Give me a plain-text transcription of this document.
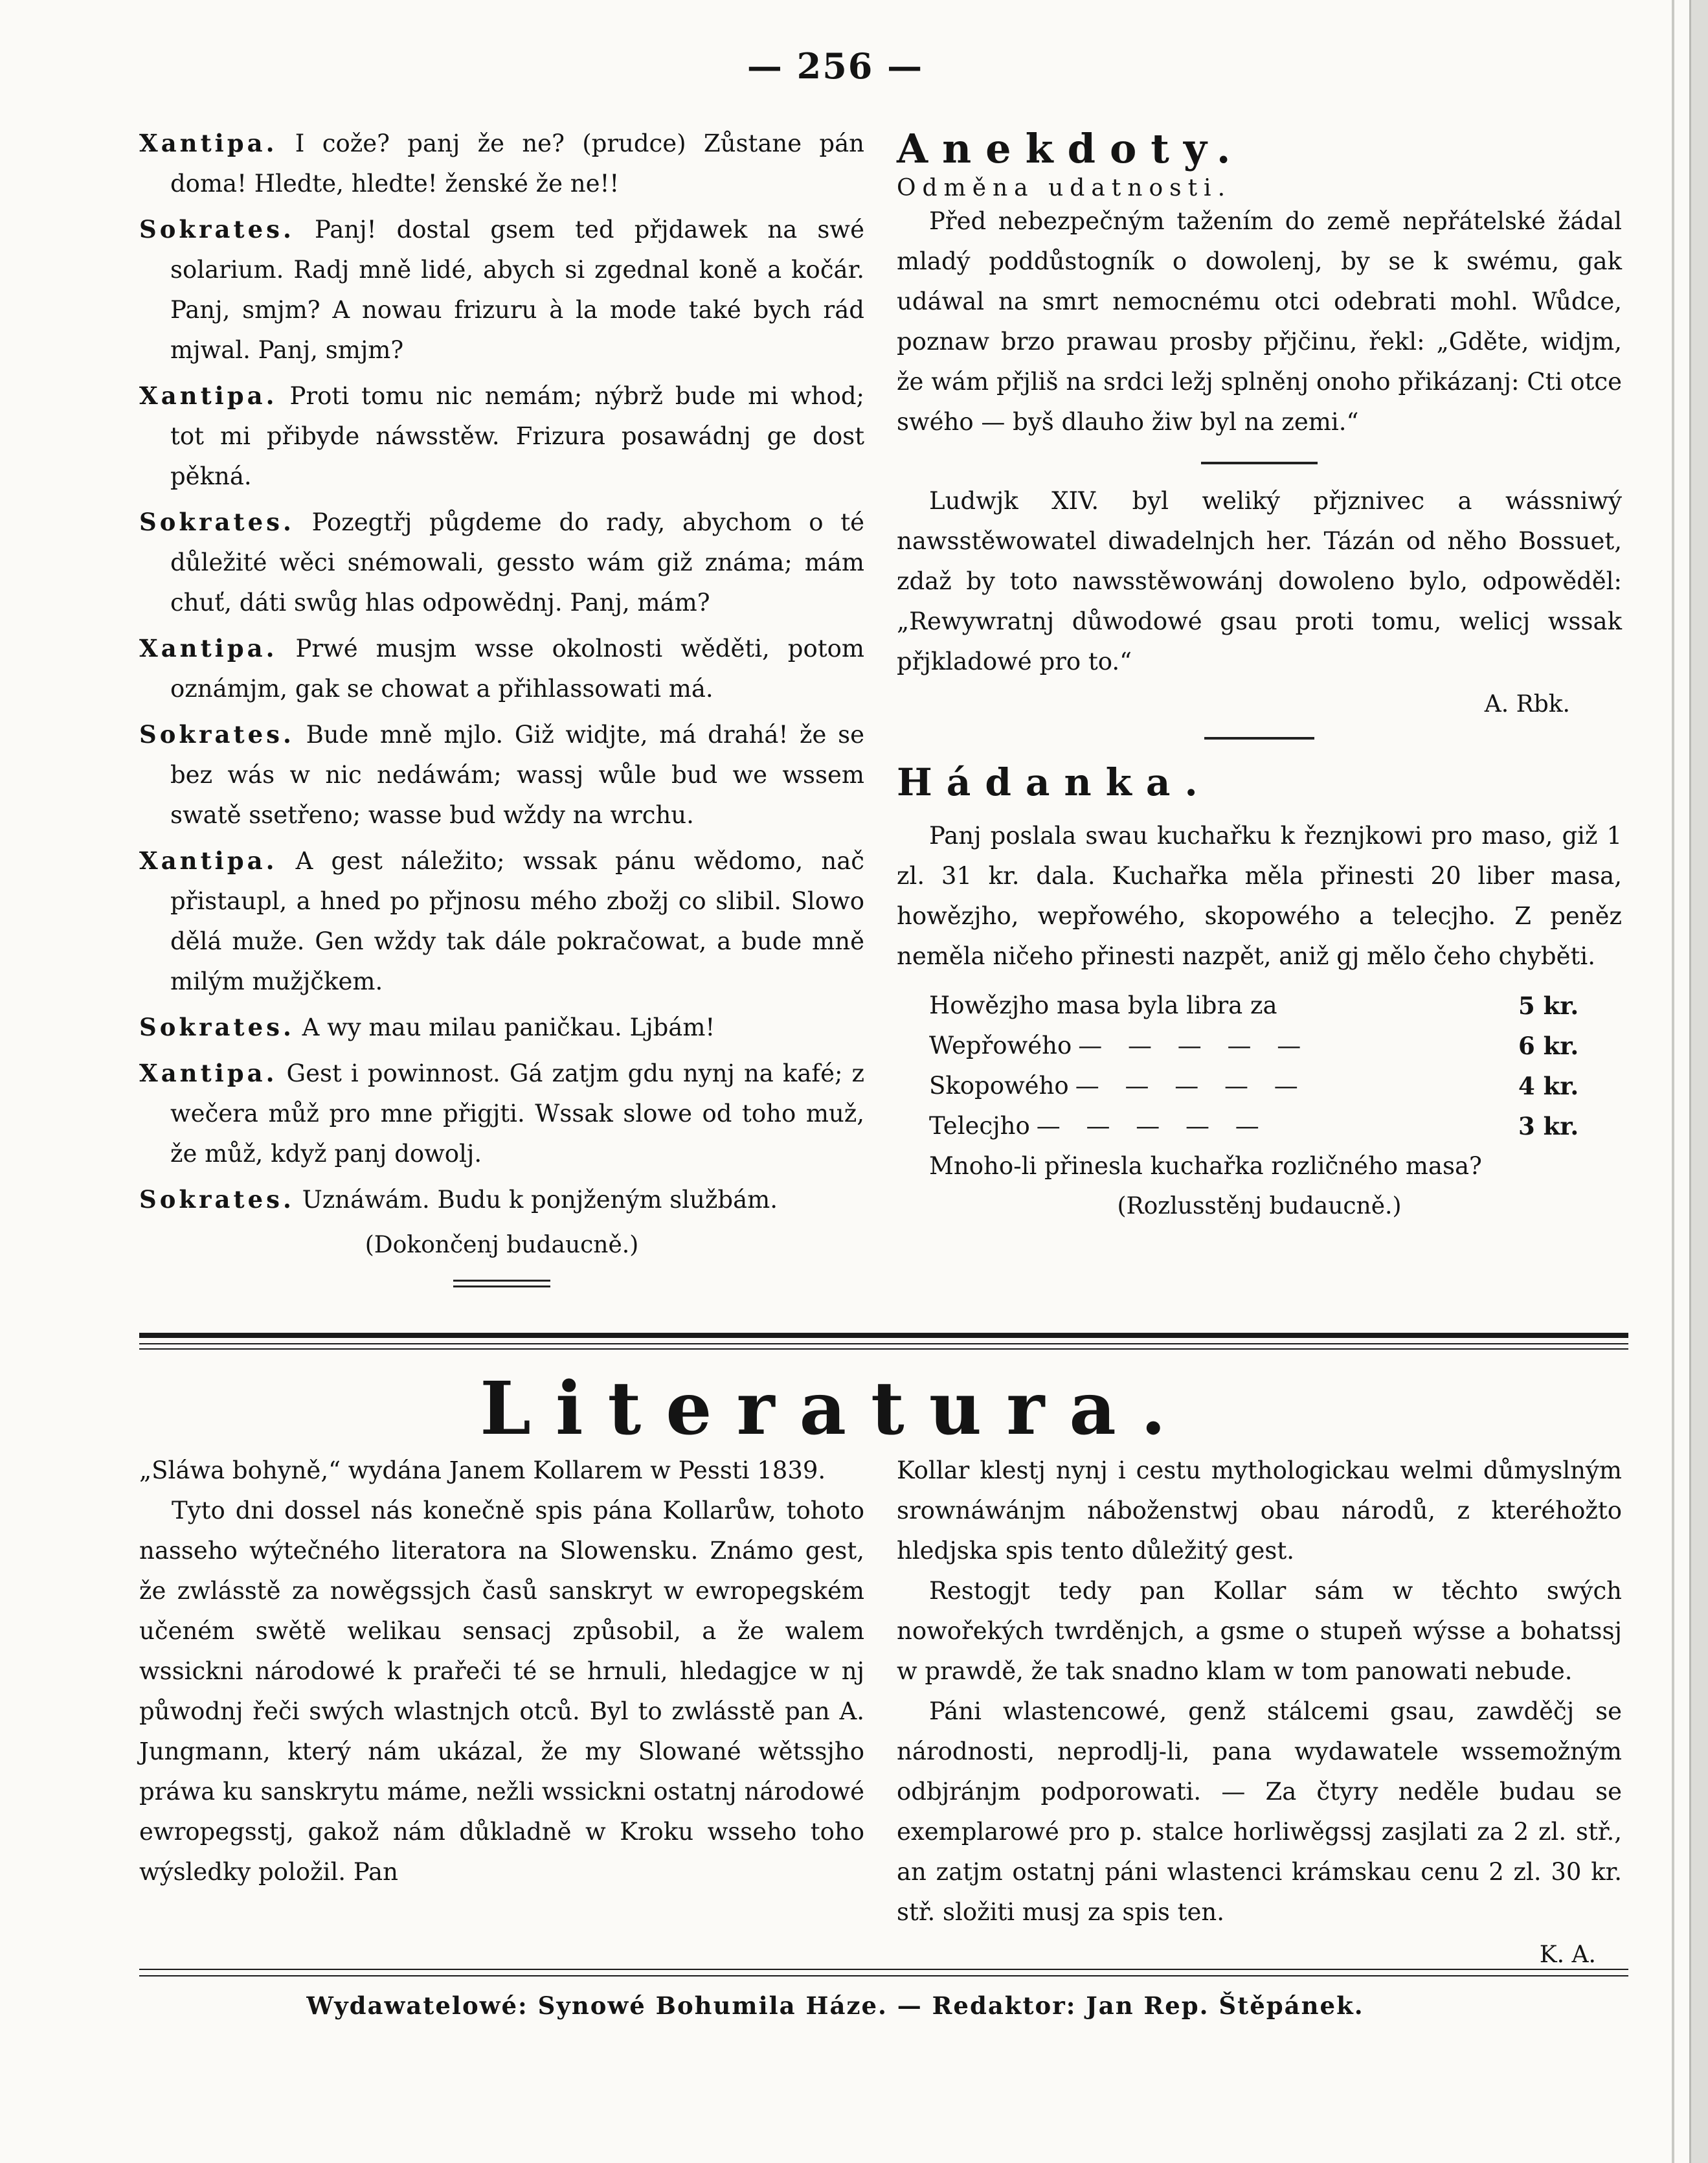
— 256 —

Xantipa. I cože? panj že ne? (prudce) Zůstane pán doma! Hledte, hledte! ženské že ne!!

Sokrates. Panj! dostal gsem ted přjdawek na swé solarium. Radj mně lidé, abych si zgednal koně a kočár. Panj, smjm? A nowau frizuru à la mode také bych rád mjwal. Panj, smjm?

Xantipa. Proti tomu nic nemám; nýbrž bude mi whod; tot mi přibyde náwsstěw. Frizura posawádnj ge dost pěkná.

Sokrates. Pozegtřj půgdeme do rady, abychom o té důležité wěci snémowali, gessto wám giž známa; mám chuť, dáti swůg hlas odpowědnj. Panj, mám?

Xantipa. Prwé musjm wsse okolnosti wěděti, potom oznámjm, gak se chowat a přihlassowati má.

Sokrates. Bude mně mjlo. Giž widjte, má drahá! že se bez wás w nic nedáwám; wassj wůle bud we wssem swatě ssetřeno; wasse bud wždy na wrchu.

Xantipa. A gest náležito; wssak pánu wědomo, nač přistaupl, a hned po přjnosu mého zbožj co slibil. Slowo dělá muže. Gen wždy tak dále pokračowat, a bude mně milým mužjčkem.

Sokrates. A wy mau milau paničkau. Ljbám!

Xantipa. Gest i powinnost. Gá zatjm gdu nynj na kafé; z wečera můž pro mne přigjti. Wssak slowe od toho muž, že můž, když panj dowolj.

Sokrates. Uznáwám. Budu k ponjženým službám.

(Dokončenj budaucně.)

Anekdoty.

Odměna udatnosti.

Před nebezpečným tažením do země nepřátelské žádal mladý poddůstogník o dowolenj, by se k swému, gak udáwal na smrt nemocnému otci odebrati mohl. Wůdce, poznaw brzo prawau prosby přjčinu, řekl: „Gděte, widjm, že wám přjliš na srdci ležj splněnj onoho přikázanj: Cti otce swého — byš dlauho žiw byl na zemi.“

Ludwjk XIV. byl weliký přjznivec a wássniwý nawsstěwowatel diwadelnjch her. Tázán od něho Bossuet, zdaž by toto nawsstěwowánj dowoleno bylo, odpowěděl: „Rewywratnj důwodowé gsau proti tomu, welicj wssak přjkladowé pro to.“

A. Rbk.

Hádanka.

Panj poslala swau kuchařku k řeznjkowi pro maso, giž 1 zl. 31 kr. dala. Kuchařka měla přinesti 20 liber masa, howězjho, wepřowého, skopowého a telecjho. Z peněz neměla ničeho přinesti nazpět, aniž gj mělo čeho chyběti.

Howězjho masa byla libra za	5 kr.
Wepřowého — — — — —	6 kr.
Skopowého — — — — —	4 kr.
Telecjho — — — — —	3 kr.

Mnoho-li přinesla kuchařka rozličného masa?

(Rozlusstěnj budaucně.)

Literatura.

„Sláwa bohyně,“ wydána Janem Kollarem w Pessti 1839.

Tyto dni dossel nás konečně spis pána Kollarůw, tohoto nasseho wýtečného literatora na Slowensku. Známo gest, že zwlásstě za nowěgssjch časů sanskryt w ewropegském učeném swětě welikau sensacj způsobil, a že walem wssickni národowé k prařeči té se hrnuli, hledagjce w nj půwodnj řeči swých wlastnjch otců. Byl to zwlásstě pan A. Jungmann, který nám ukázal, že my Slowané wětssjho práwa ku sanskrytu máme, nežli wssickni ostatnj národowé ewropegsstj, gakož nám důkladně w Kroku wsseho toho wýsledky položil. Pan

Kollar klestj nynj i cestu mythologickau welmi důmyslným srownáwánjm náboženstwj obau národů, z kteréhožto hledjska spis tento důležitý gest.

Restogjt tedy pan Kollar sám w těchto swých nowořekých twrděnjch, a gsme o stupeň wýsse a bohatssj w prawdě, že tak snadno klam w tom panowati nebude.

Páni wlastencowé, genž stálcemi gsau, zawděčj se národnosti, neprodlj-li, pana wydawatele wssemožným odbjránjm podporowati. — Za čtyry neděle budau se exemplarowé pro p. stalce horliwěgssj zasjlati za 2 zl. stř., an zatjm ostatnj páni wlastenci krámskau cenu 2 zl. 30 kr. stř. složiti musj za spis ten.

K. A.

Wydawatelowé: Synowé Bohumila Háze. — Redaktor: Jan Rep. Štěpánek.
